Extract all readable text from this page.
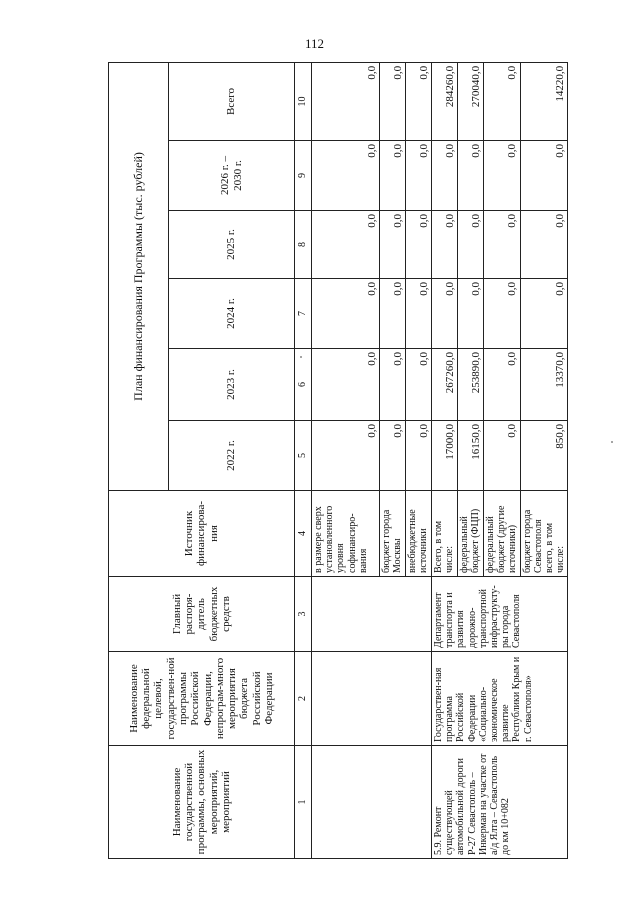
112
Наименование государственной программы, основных мероприятий, мероприятий	Наименование федеральной целевой, государствен-ной программы Российской Федерации, непрограм-много мероприятия бюджета Российской Федерации	Главный распоря-дитель бюджетных средств	Источник финансирова-ния	План финансирования Программы (тыс. рублей)					
				2022 г.	2023 г.	2024 г.	2025 г.	2026 г. – 2030 г.	Всего
1	2	3	4	5	6	7	8	9	10
			в размере сверх установленного уровня софинансиро-вания	0,0	0,0	0,0	0,0	0,0	0,0
			бюджет города Москвы	0,0	0,0	0,0	0,0	0,0	0,0
			внебюджетные источники	0,0	0,0	0,0	0,0	0,0	0,0
5.9. Ремонт существующей автомобильной дороги Р-27 Севастополь – Инкерман на участке от а/д Ялта – Севастополь до км 10+082	Государствен-ная программа Российской Федерации «Социально-экономическое развитие Республики Крым и г. Севастополя»	Департамент транспорта и развития дорожно-транспортной инфраструкту-ры города Севастополя	Всего, в том числе:	17000,0	267260,0	0,0	0,0	0,0	284260,0
			федеральный бюджет (ФЦП)	16150,0	253890,0	0,0	0,0	0,0	270040,0
			федеральный бюджет (другие источники)	0,0	0,0	0,0	0,0	0,0	0,0
			бюджет города Севастополя всего, в том числе:	850,0	13370,0	0,0	0,0	0,0	14220,0
